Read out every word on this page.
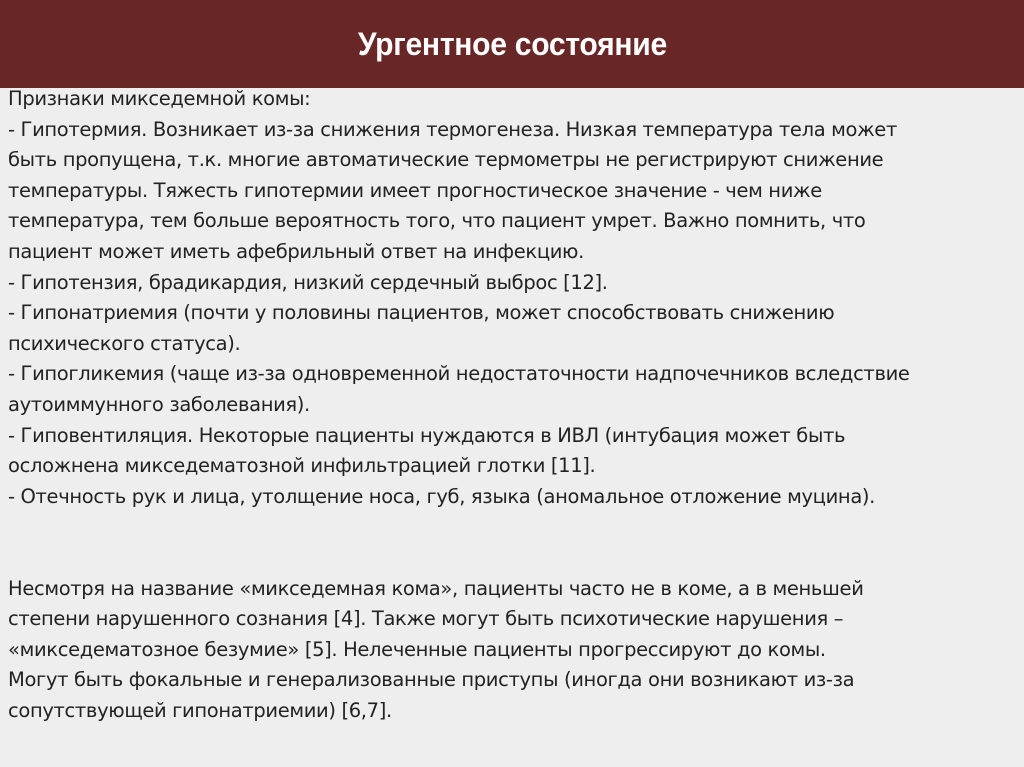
Ургентное состояние
Признаки микседемной комы:
- Гипотермия. Возникает из-за снижения термогенеза. Низкая температура тела может
быть пропущена, т.к. многие автоматические термометры не регистрируют снижение
температуры. Тяжесть гипотермии имеет прогностическое значение - чем ниже
температура, тем больше вероятность того, что пациент умрет. Важно помнить, что
пациент может иметь афебрильный ответ на инфекцию.
- Гипотензия, брадикардия, низкий сердечный выброс [12].
- Гипонатриемия (почти у половины пациентов, может способствовать снижению
психического статуса).
- Гипогликемия (чаще из-за одновременной недостаточности надпочечников вследствие
аутоиммунного заболевания).
- Гиповентиляция. Некоторые пациенты нуждаются в ИВЛ (интубация может быть
осложнена микседематозной инфильтрацией глотки [11].
- Отечность рук и лица, утолщение носа, губ, языка (аномальное отложение муцина).
Несмотря на название «микседемная кома», пациенты часто не в коме, а в меньшей
степени нарушенного сознания [4]. Также могут быть психотические нарушения –
«микседематозное безумие» [5]. Нелеченные пациенты прогрессируют до комы.
Могут быть фокальные и генерализованные приступы (иногда они возникают из-за
сопутствующей гипонатриемии) [6,7].
